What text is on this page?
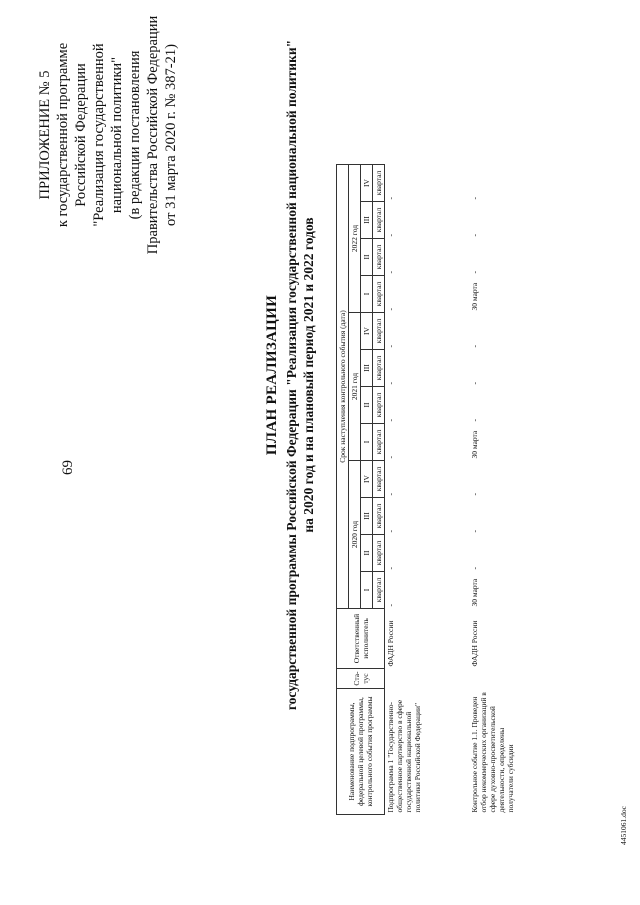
69
ПРИЛОЖЕНИЕ № 5 к государственной программе Российской Федерации "Реализация государственной национальной политики" (в редакции постановления Правительства Российской Федерации от 31 марта 2020 г. № 387-21)
ПЛАН РЕАЛИЗАЦИИ государственной программы Российской Федерации "Реализация государственной национальной политики" на 2020 год и на плановый период 2021 и 2022 годов
Наименование подпрограммы, федеральной целевой программы, контрольного события программы	Ста-тус	Ответственный исполнитель	Срок наступления контрольного события (дата)											
			2020 год				2021 год				2022 год			
			I	II	III	IV	I	II	III	IV	I	II	III	IV
			квартал	квартал	квартал	квартал	квартал	квартал	квартал	квартал	квартал	квартал	квартал	квартал
Подпрограмма 1 "Государственно-общественное партнерство в сфере государственной национальной политики Российской Федерации"		ФАДН России	-	-	-	-	-	-	-	-	-	-	-	-
Контрольное событие 1.1. Проведен отбор некоммерческих организаций в сфере духовно-просветительской деятельности, определены получатели субсидии		ФАДН России	30 марта	-	-	-	30 марта	-	-	-	30 марта	-	-	-
4451061.doc
